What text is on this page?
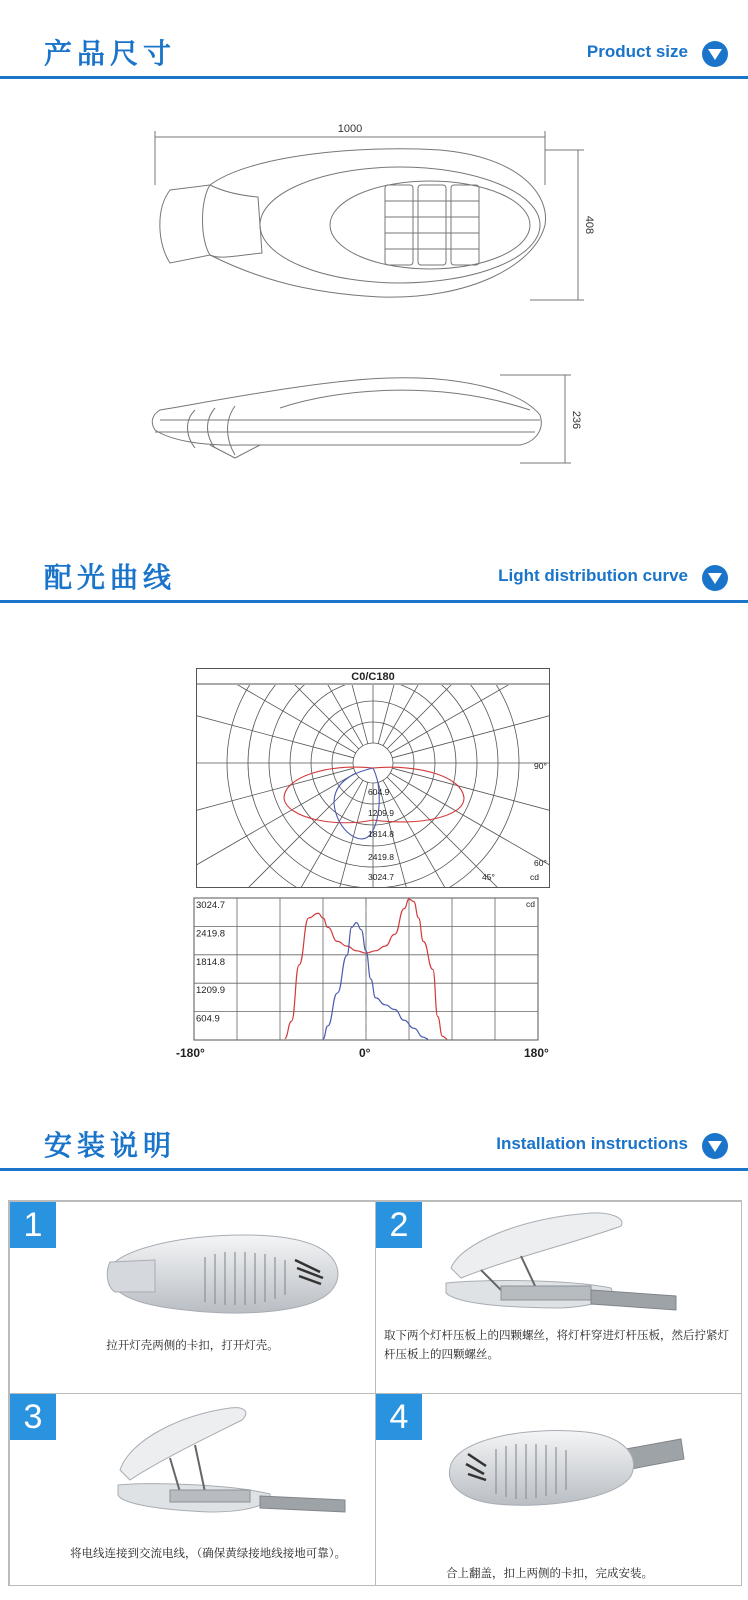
产品尺寸	Product size
1000
408
236
配光曲线	Light distribution curve
C0/C180
604.9
1209.9
1814.8
2419.8
3024.7
90°
60°
45°	cd
3024.7
2419.8
1814.8
1209.9
604.9
cd
-180°	0°	180°
安装说明	Installation instructions
1
拉开灯壳两侧的卡扣，打开灯壳。
2
取下两个灯杆压板上的四颗螺丝，将灯杆穿进灯杆压板，然后拧紧灯杆压板上的四颗螺丝。
3
将电线连接到交流电线，（确保黄绿接地线接地可靠）。
4
合上翻盖，扣上两侧的卡扣，完成安装。
